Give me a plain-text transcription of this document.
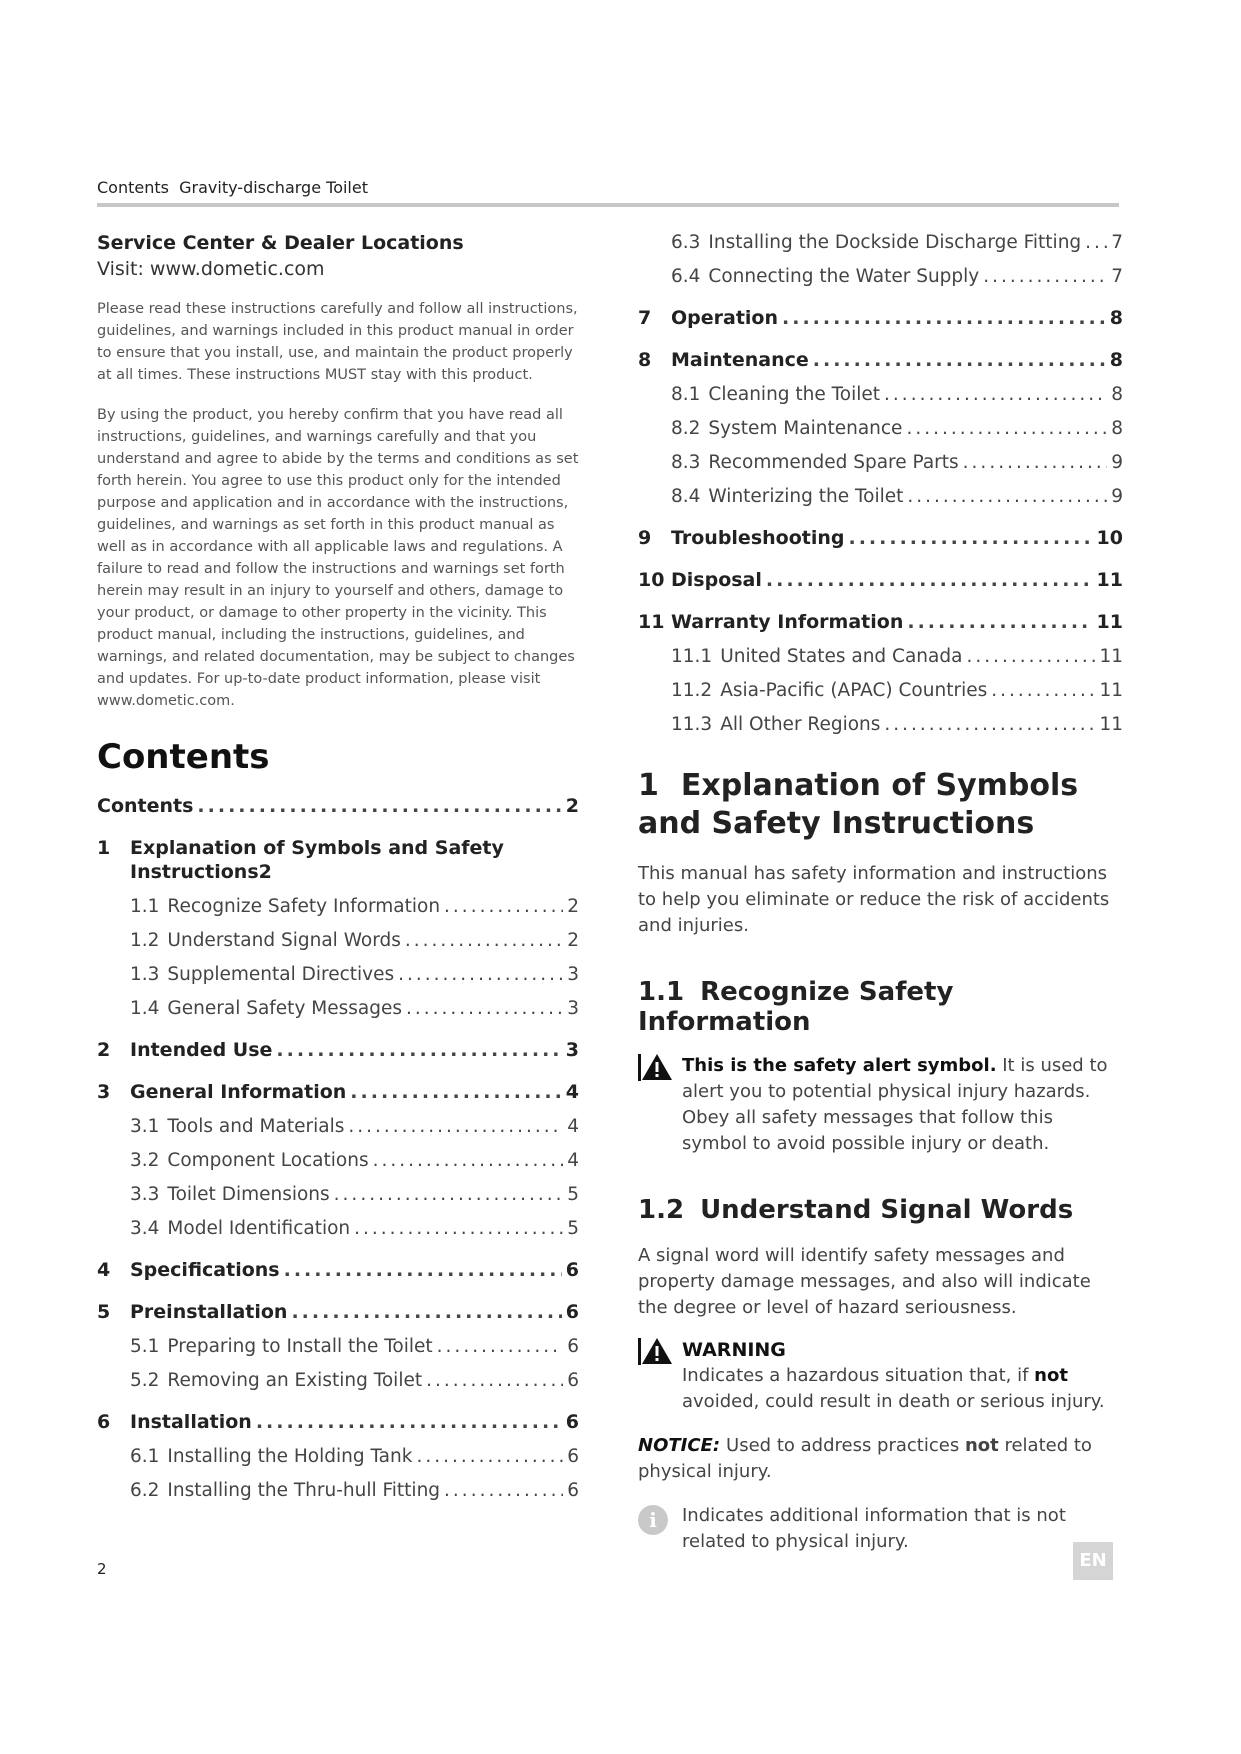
Contents Gravity-discharge Toilet

Service Center & Dealer Locations

Visit: www.dometic.com

Please read these instructions carefully and follow all instructions, guidelines, and warnings included in this product manual in order to ensure that you install, use, and maintain the product properly at all times. These instructions MUST stay with this product.

By using the product, you hereby confirm that you have read all instructions, guidelines, and warnings carefully and that you understand and agree to abide by the terms and conditions as set forth herein. You agree to use this product only for the intended purpose and application and in accordance with the instructions, guidelines, and warnings as set forth in this product manual as well as in accordance with all applicable laws and regulations. A failure to read and follow the instructions and warnings set forth herein may result in an injury to yourself and others, damage to your product, or damage to other property in the vicinity. This product manual, including the instructions, guidelines, and warnings, and related documentation, may be subject to changes and updates. For up-to-date product information, please visit www.dometic.com.

Contents
Contents .....	2
1 Explanation of Symbols and Safety
Instructions 2
1.1 Recognize Safety Information .....	2
1.2 Understand Signal Words .....	2
1.3 Supplemental Directives .....	3
1.4 General Safety Messages .....	3
2 Intended Use .....	3
3 General Information .....	4
3.1 Tools and Materials .....	4
3.2 Component Locations .....	4
3.3 Toilet Dimensions .....	5
3.4 Model Identification .....	5
4 Specifications .....	6
5 Preinstallation .....	6
5.1 Preparing to Install the Toilet .....	6
5.2 Removing an Existing Toilet .....	6
6 Installation .....	6
6.1 Installing the Holding Tank .....	6
6.2 Installing the Thru-hull Fitting .....	6
6.3 Installing the Dockside Discharge Fitting ..... 7
6.4 Connecting the Water Supply .....	7
7 Operation .....	8
8 Maintenance .....	8
8.1 Cleaning the Toilet .....	8
8.2 System Maintenance .....	8
8.3 Recommended Spare Parts .....	9
8.4 Winterizing the Toilet .....	9
9 Troubleshooting .....	10
10 Disposal .....	11
11 Warranty Information .....	11
11.1 United States and Canada .....	11
11.2 Asia-Pacific (APAC) Countries .....	11
11.3 All Other Regions .....	11
1 Explanation of Symbols and Safety Instructions

This manual has safety information and instructions to help you eliminate or reduce the risk of accidents and injuries.

1.1 Recognize Safety Information
This is the safety alert symbol. It is used to alert you to potential physical injury hazards. Obey all safety messages that follow this symbol to avoid possible injury or death.
1.2 Understand Signal Words

A signal word will identify safety messages and property damage messages, and also will indicate the degree or level of hazard seriousness.

WARNING
Indicates a hazardous situation that, if not avoided, could result in death or serious injury.
NOTICE: Used to address practices not related to physical injury.
i	Indicates additional information that is not related to physical injury.
2	EN
